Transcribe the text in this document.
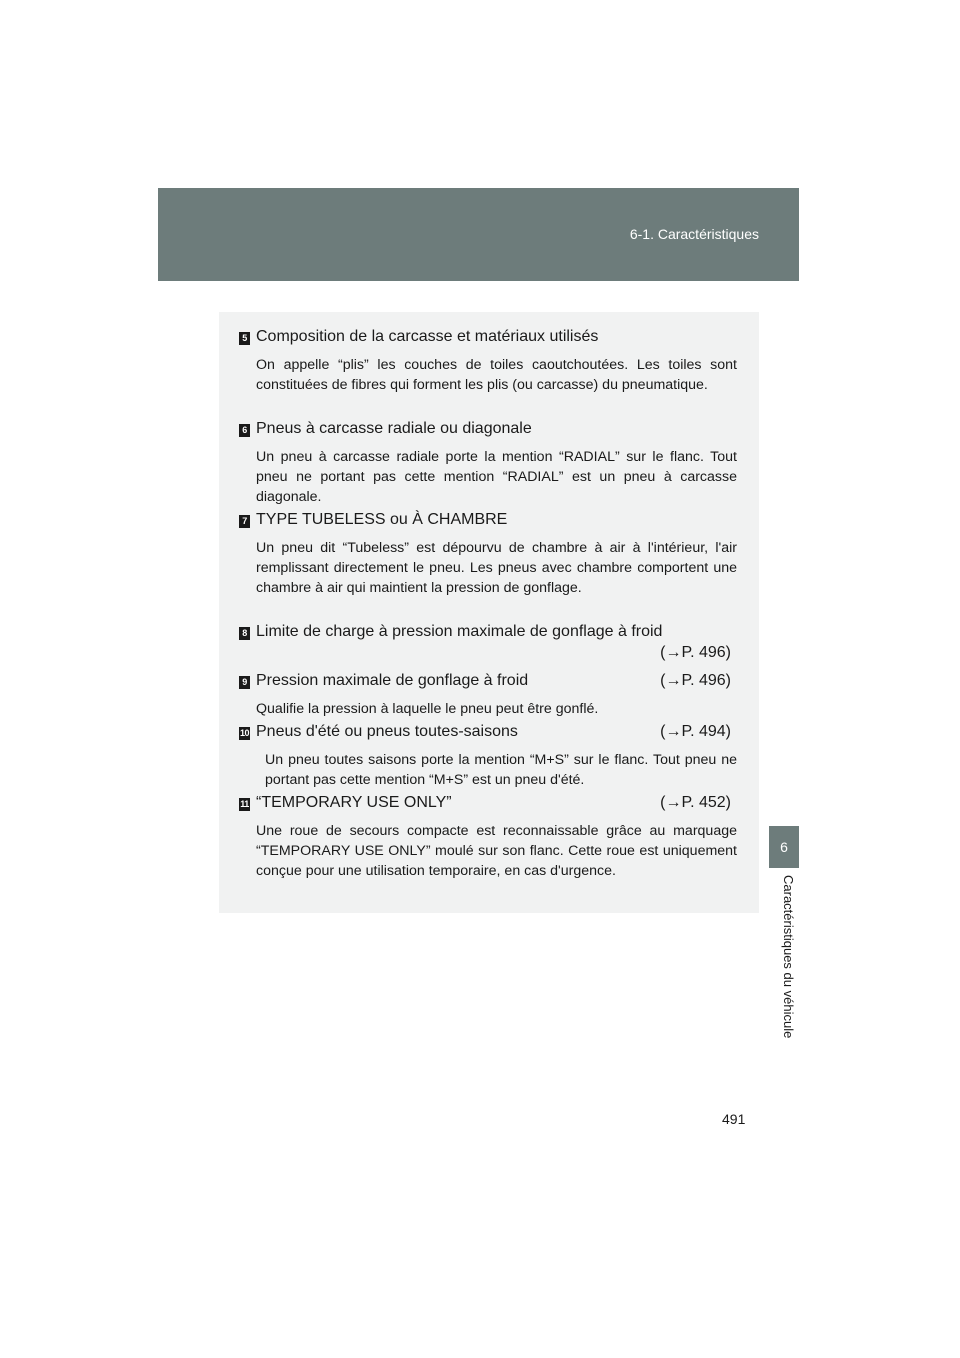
6-1. Caractéristiques
6
Caractéristiques du véhicule
5 Composition de la carcasse et matériaux utilisés
On appelle “plis” les couches de toiles caoutchoutées. Les toiles sont constituées de fibres qui forment les plis (ou carcasse) du pneumatique.
6 Pneus à carcasse radiale ou diagonale
Un pneu à carcasse radiale porte la mention “RADIAL” sur le flanc. Tout pneu ne portant pas cette mention “RADIAL” est un pneu à carcasse diagonale.
7 TYPE TUBELESS ou À CHAMBRE
Un pneu dit “Tubeless” est dépourvu de chambre à air à l'intérieur, l'air remplissant directement le pneu. Les pneus avec chambre comportent une chambre à air qui maintient la pression de gonflage.
8 Limite de charge à pression maximale de gonflage à froid
(→P. 496)
9 Pression maximale de gonflage à froid	(→P. 496)
Qualifie la pression à laquelle le pneu peut être gonflé.
10 Pneus d'été ou pneus toutes-saisons	(→P. 494)
Un pneu toutes saisons porte la mention “M+S” sur le flanc. Tout pneu ne portant pas cette mention “M+S” est un pneu d'été.
11 “TEMPORARY USE ONLY”	(→P. 452)
Une roue de secours compacte est reconnaissable grâce au marquage “TEMPORARY USE ONLY” moulé sur son flanc. Cette roue est uniquement conçue pour une utilisation temporaire, en cas d'urgence.
491
